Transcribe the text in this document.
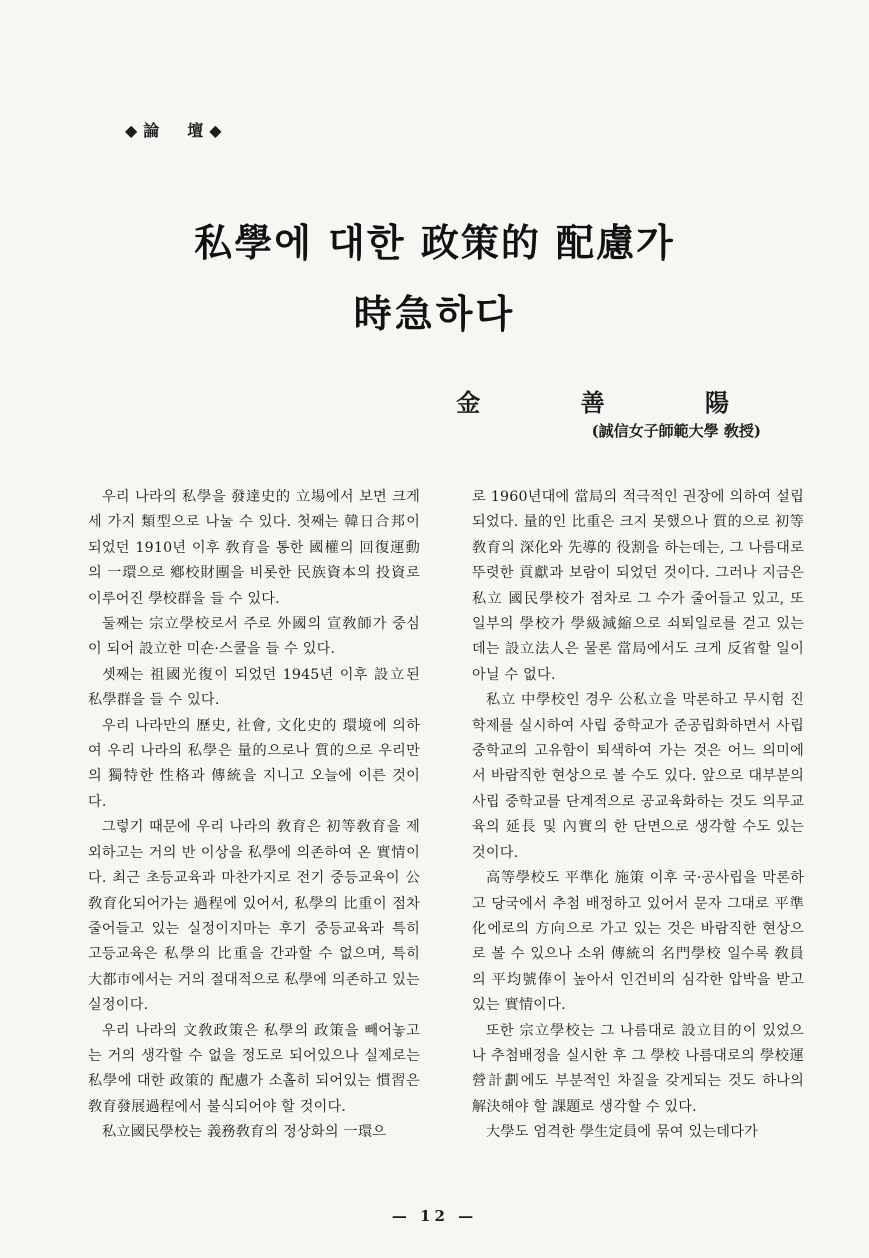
◆論　壇◆
私學에 대한 政策的 配慮가
時急하다
金 善 陽
(誠信女子師範大學 敎授)

우리 나라의 私學을 發達史的 立場에서 보면 크게 세 가지 類型으로 나눌 수 있다. 첫째는 韓日合邦이 되었던 1910년 이후 敎育을 통한 國權의 回復運動의 一環으로 鄕校財團을 비롯한 民族資本의 投資로 이루어진 學校群을 들 수 있다.

둘째는 宗立學校로서 주로 外國의 宣敎師가 중심이 되어 設立한 미숀·스쿨을 들 수 있다.

셋째는 祖國光復이 되었던 1945년 이후 設立된 私學群을 들 수 있다.

우리 나라만의 歷史, 社會, 文化史的 環境에 의하여 우리 나라의 私學은 量的으로나 質的으로 우리만의 獨特한 性格과 傳統을 지니고 오늘에 이른 것이다.

그렇기 때문에 우리 나라의 敎育은 初等敎育을 제외하고는 거의 반 이상을 私學에 의존하여 온 實情이다. 최근 초등교육과 마찬가지로 전기 중등교육이 公敎育化되어가는 過程에 있어서, 私學의 比重이 점차 줄어들고 있는 실정이지마는 후기 중등교육과 특히 고등교육은 私學의 比重을 간과할 수 없으며, 특히 大都市에서는 거의 절대적으로 私學에 의존하고 있는 실정이다.

우리 나라의 文敎政策은 私學의 政策을 빼어놓고는 거의 생각할 수 없을 정도로 되어있으나 실제로는 私學에 대한 政策的 配慮가 소홀히 되어있는 慣習은 敎育發展過程에서 불식되어야 할 것이다.

私立國民學校는 義務敎育의 정상화의 一環으

로 1960년대에 當局의 적극적인 권장에 의하여 설립되었다. 量的인 比重은 크지 못했으나 質的으로 初等敎育의 深化와 先導的 役割을 하는데는, 그 나름대로 뚜렷한 貢獻과 보람이 되었던 것이다. 그러나 지금은 私立 國民學校가 점차로 그 수가 줄어들고 있고, 또 일부의 學校가 學級減縮으로 쇠퇴일로를 걷고 있는 데는 設立法人은 물론 當局에서도 크게 反省할 일이 아닐 수 없다.

私立 中學校인 경우 公私立을 막론하고 무시험 진학제를 실시하여 사립 중학교가 준공립화하면서 사립 중학교의 고유함이 퇴색하여 가는 것은 어느 의미에서 바람직한 현상으로 볼 수도 있다. 앞으로 대부분의 사립 중학교를 단계적으로 공교육화하는 것도 의무교육의 延長 및 內實의 한 단면으로 생각할 수도 있는 것이다.

高等學校도 平準化 施策 이후 국·공사립을 막론하고 당국에서 추첨 배정하고 있어서 문자 그대로 平準化에로의 方向으로 가고 있는 것은 바람직한 현상으로 볼 수 있으나 소위 傳統의 名門學校 일수록 敎員의 平均號俸이 높아서 인건비의 심각한 압박을 받고 있는 實情이다.

또한 宗立學校는 그 나름대로 設立目的이 있었으나 추첨배정을 실시한 후 그 學校 나름대로의 學校運營計劃에도 부분적인 차질을 갖게되는 것도 하나의 解決해야 할 課題로 생각할 수 있다.

大學도 엄격한 學生定員에 묶여 있는데다가

— 12 —
